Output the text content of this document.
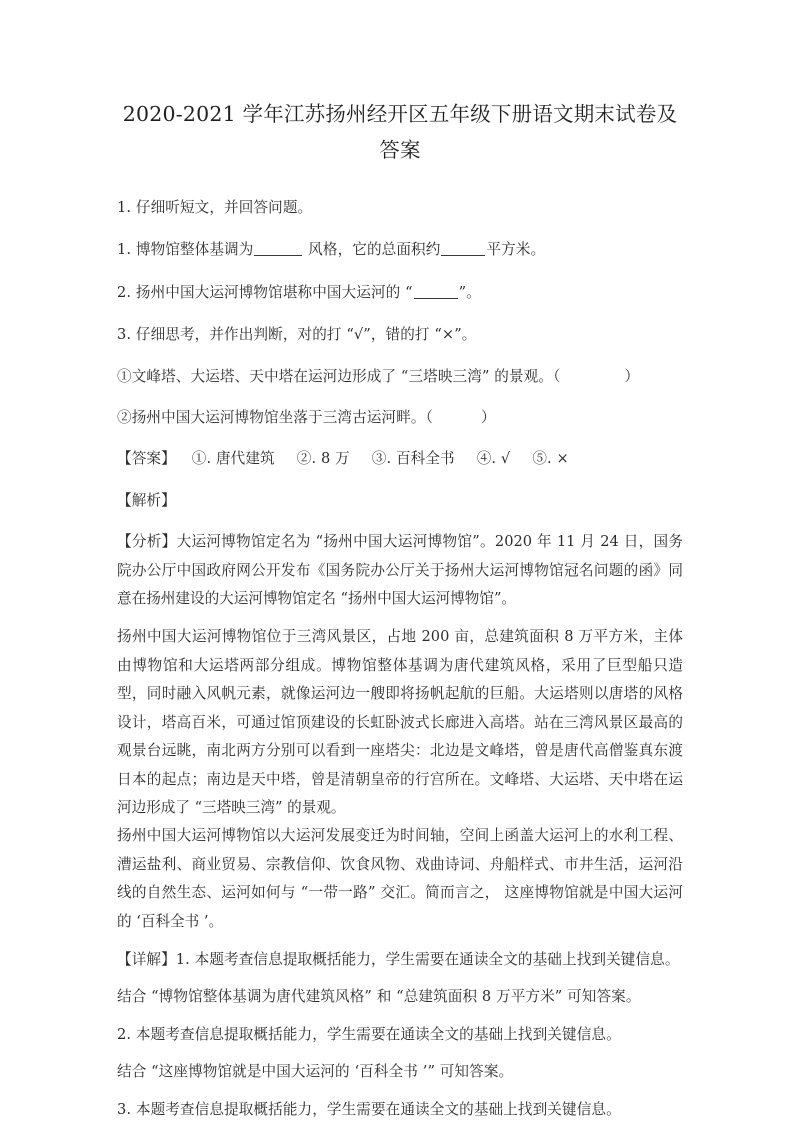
2020-2021 学年江苏扬州经开区五年级下册语文期末试卷及答案

1. 仔细听短文，并回答问题。

1. 博物馆整体基调为	风格，它的总面积约	平方米。

2. 扬州中国大运河博物馆堪称中国大运河的 “	”。

3. 仔细思考，并作出判断，对的打 “√”，错的打 “×”。

①文峰塔、大运塔、天中塔在运河边形成了 “三塔映三湾” 的景观。（	）

②扬州中国大运河博物馆坐落于三湾古运河畔。（	）

【答案】 ①. 唐代建筑 ②. 8 万 ③. 百科全书 ④. √ ⑤. ×

【解析】

【分析】大运河博物馆定名为 “扬州中国大运河博物馆”。2020 年 11 月 24 日，国务院办公厅中国政府网公开发布《国务院办公厅关于扬州大运河博物馆冠名问题的函》同意在扬州建设的大运河博物馆定名 “扬州中国大运河博物馆”。

扬州中国大运河博物馆位于三湾风景区，占地 200 亩，总建筑面积 8 万平方米，主体由博物馆和大运塔两部分组成。博物馆整体基调为唐代建筑风格，采用了巨型船只造型，同时融入风帆元素，就像运河边一艘即将扬帆起航的巨船。大运塔则以唐塔的风格设计，塔高百米，可通过馆顶建设的长虹卧波式长廊进入高塔。站在三湾风景区最高的观景台远眺，南北两方分别可以看到一座塔尖：北边是文峰塔，曾是唐代高僧鉴真东渡日本的起点；南边是天中塔，曾是清朝皇帝的行宫所在。文峰塔、大运塔、天中塔在运河边形成了 “三塔映三湾” 的景观。

扬州中国大运河博物馆以大运河发展变迁为时间轴，空间上函盖大运河上的水利工程、漕运盐利、商业贸易、宗教信仰、饮食风物、戏曲诗词、舟船样式、市井生活，运河沿线的自然生态、运河如何与 “一带一路” 交汇。简而言之， 这座博物馆就是中国大运河的 ‘百科全书 ’。

【详解】1. 本题考查信息提取概括能力，学生需要在通读全文的基础上找到关键信息。

结合 “博物馆整体基调为唐代建筑风格” 和 “总建筑面积 8 万平方米” 可知答案。

2. 本题考查信息提取概括能力，学生需要在通读全文的基础上找到关键信息。

结合 “这座博物馆就是中国大运河的 ‘百科全书 ’” 可知答案。

3. 本题考查信息提取概括能力，学生需要在通读全文的基础上找到关键信息。
